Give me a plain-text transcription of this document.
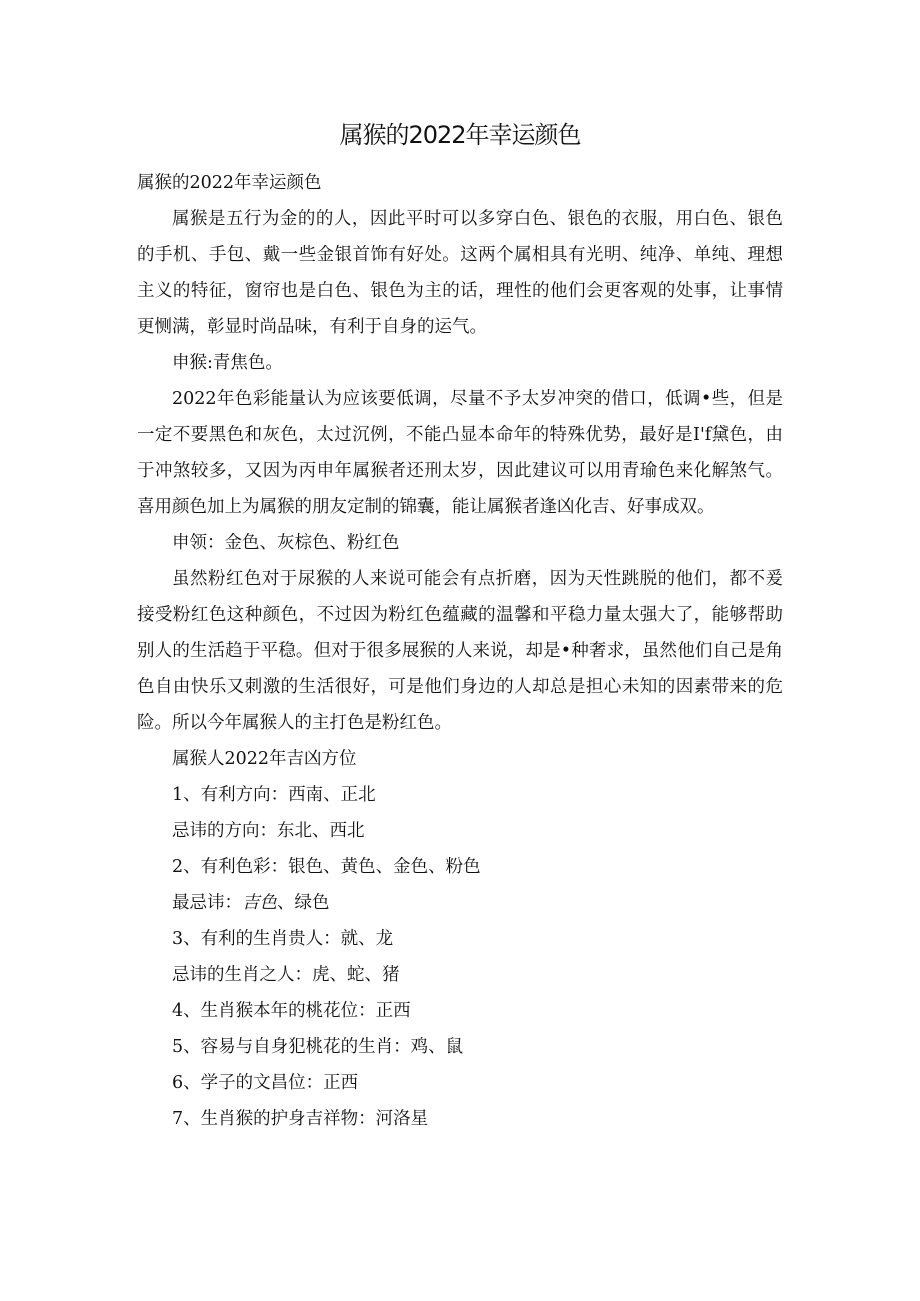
属猴的2022年幸运颜色

属猴的2022年幸运颜色

属猴是五行为金的的人，因此平时可以多穿白色、银色的衣服，用白色、银色的手机、手包、戴一些金银首饰有好处。这两个属相具有光明、纯净、单纯、理想主义的特征，窗帘也是白色、银色为主的话，理性的他们会更客观的处事，让事情更恻满，彰显时尚品味，有利于自身的运气。

申猴:青焦色。

2022年色彩能量认为应该要低调，尽量不予太岁冲突的借口，低调•些，但是一定不要黑色和灰色，太过沉例，不能凸显本命年的特殊优势，最好是I'f黛色，由于冲煞较多，又因为丙申年属猴者还刑太岁，因此建议可以用青瑜色来化解煞气。喜用颜色加上为属猴的朋友定制的锦囊，能让属猴者逢凶化吉、好事成双。

申领：金色、灰棕色、粉红色

虽然粉红色对于尿猴的人来说可能会有点折磨，因为天性跳脱的他们，都不爰接受粉红色这种颜色，不过因为粉红色蕴藏的温馨和平稳力量太强大了，能够帮助别人的生活趋于平稳。但对于很多展猴的人来说，却是•种奢求，虽然他们自己是角色自由快乐又刺激的生活很好，可是他们身边的人却总是担心未知的因素带来的危险。所以今年属猴人的主打色是粉红色。

属猴人2022年吉凶方位

1、有利方向：西南、正北

忌讳的方向：东北、西北

2、有利色彩：银色、黄色、金色、粉色

最忌讳：吉色、绿色

3、有利的生肖贵人：就、龙

忌讳的生肖之人：虎、蛇、猪

4、生肖猴本年的桃花位：正西

5、容易与自身犯桃花的生肖：鸡、鼠

6、学子的文昌位：正西

7、生肖猴的护身吉祥物：河洛星
